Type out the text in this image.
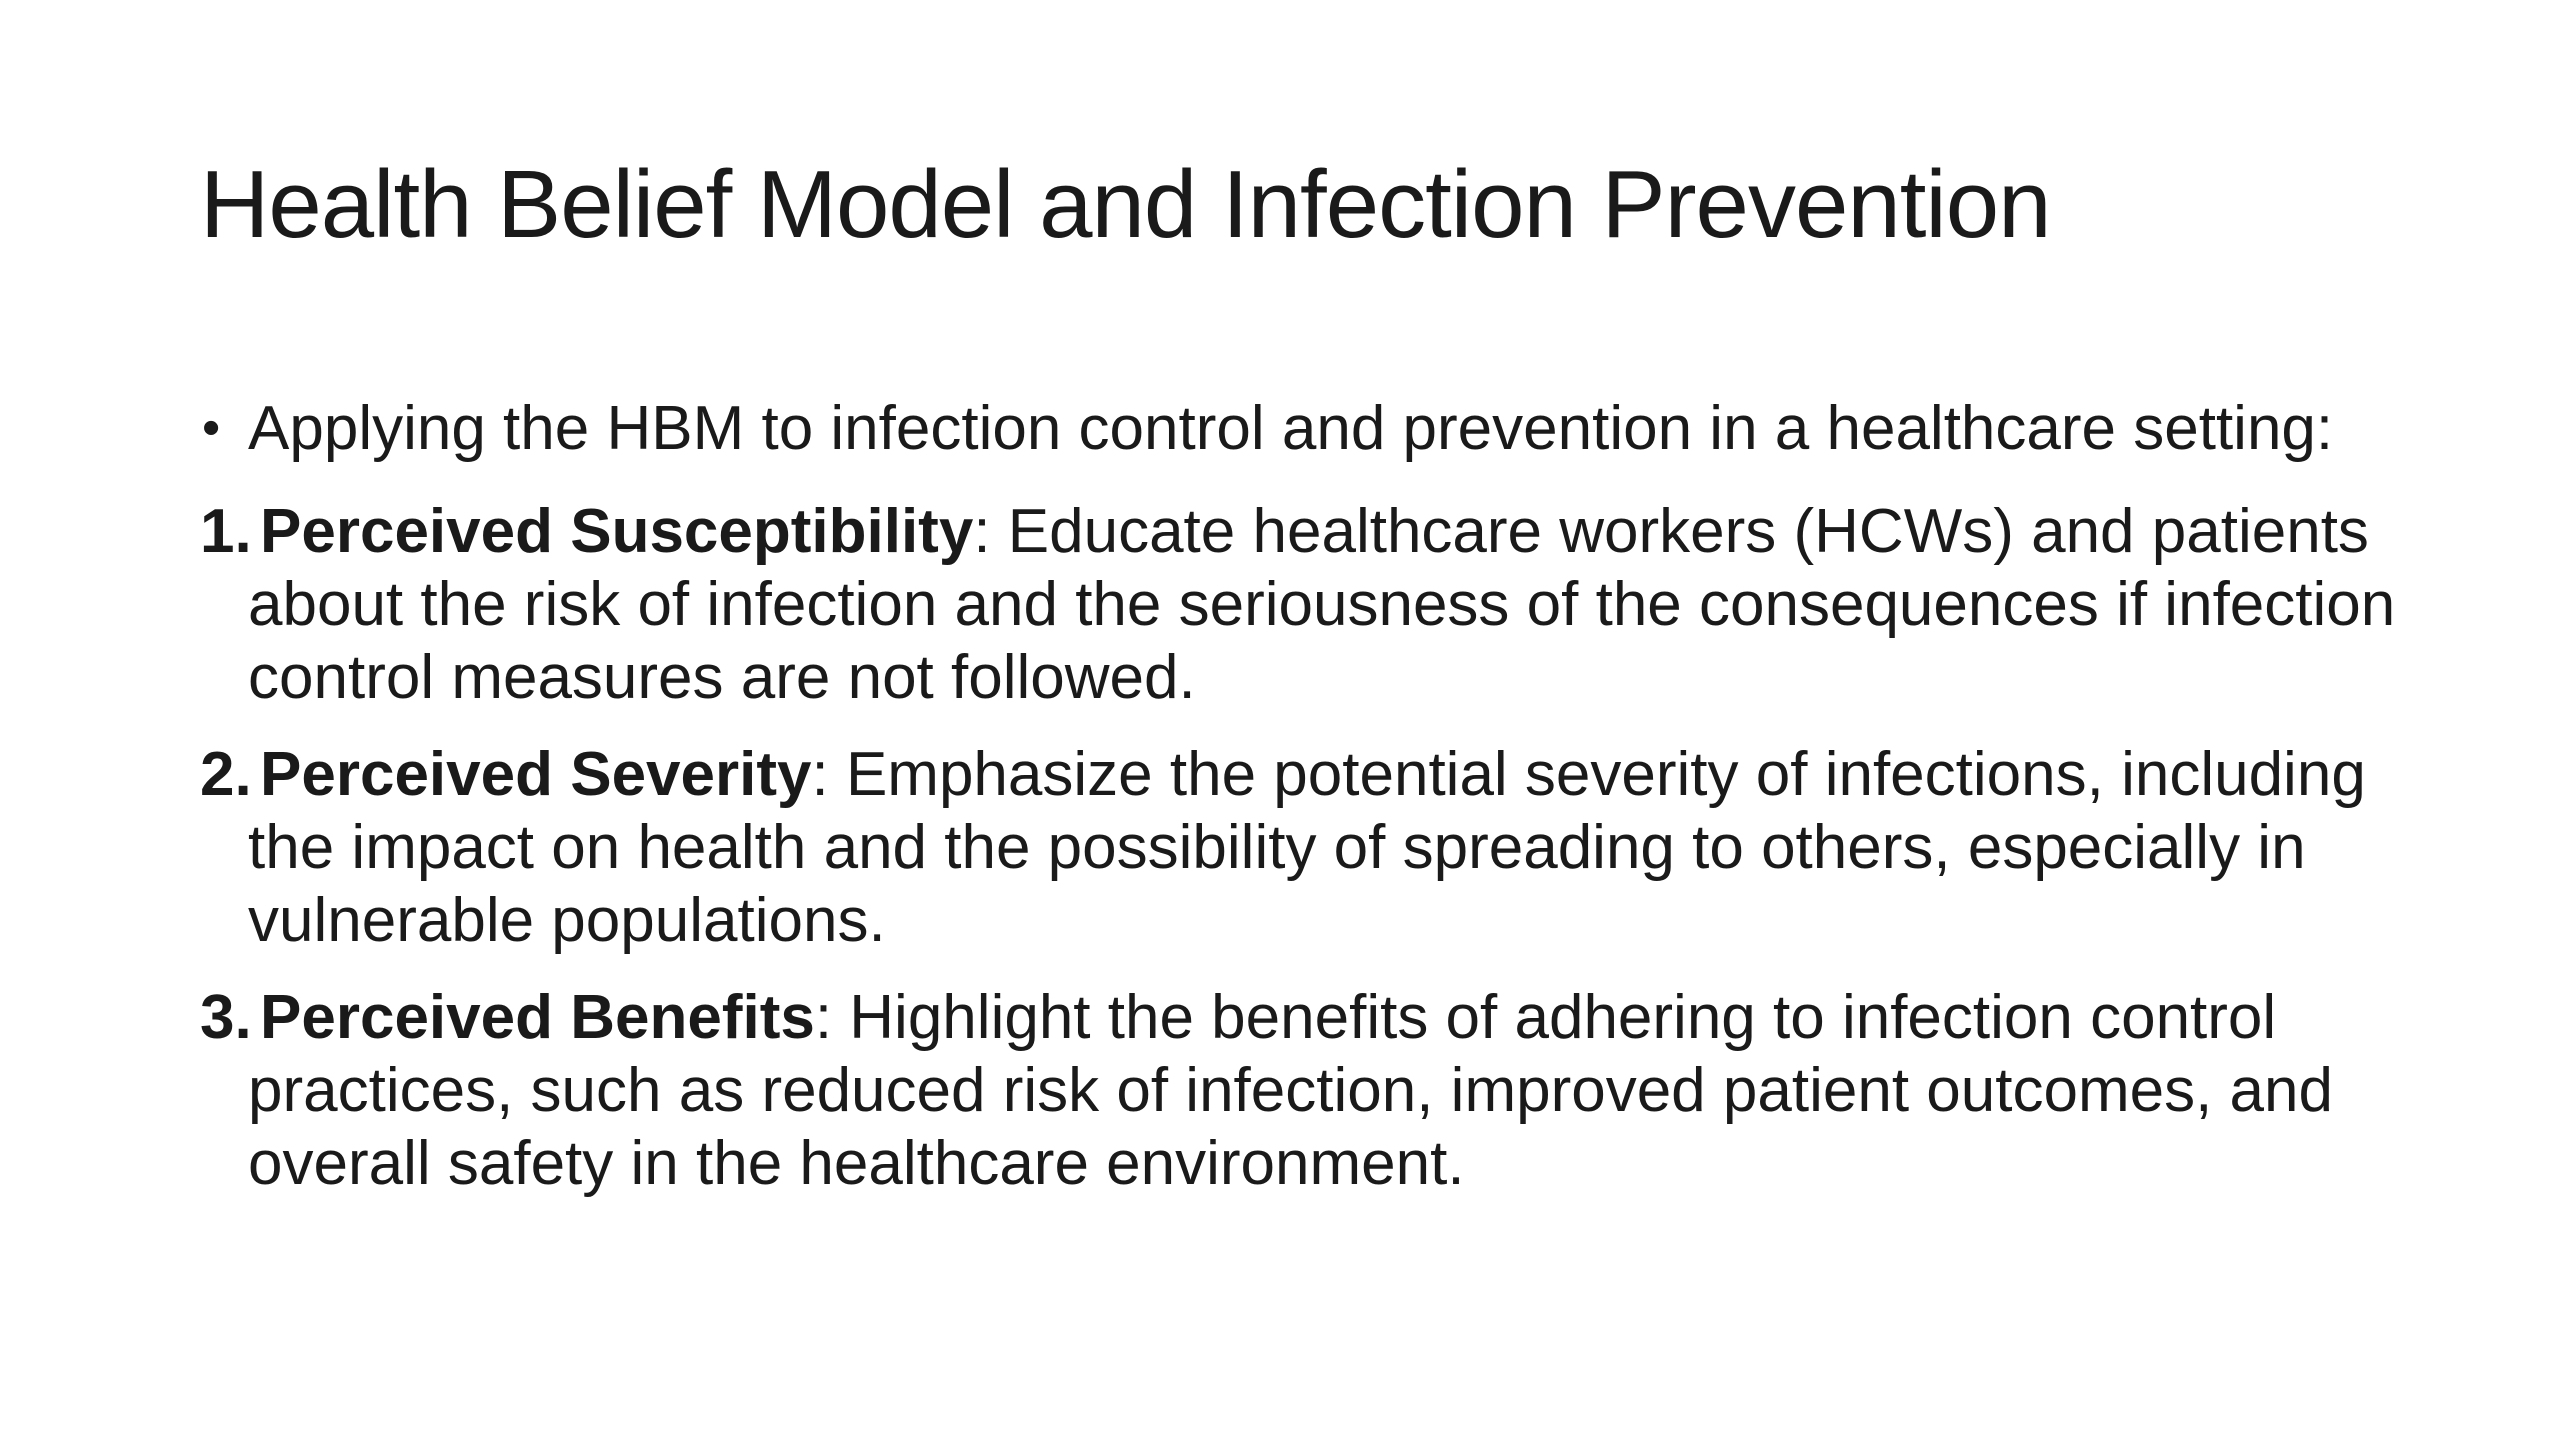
Health Belief Model and Infection Prevention
• Applying the HBM to infection control and prevention in a healthcare setting:
1. Perceived Susceptibility: Educate healthcare workers (HCWs) and patients about the risk of infection and the seriousness of the consequences if infection control measures are not followed.
2. Perceived Severity: Emphasize the potential severity of infections, including the impact on health and the possibility of spreading to others, especially in vulnerable populations.
3. Perceived Benefits: Highlight the benefits of adhering to infection control practices, such as reduced risk of infection, improved patient outcomes, and overall safety in the healthcare environment.
